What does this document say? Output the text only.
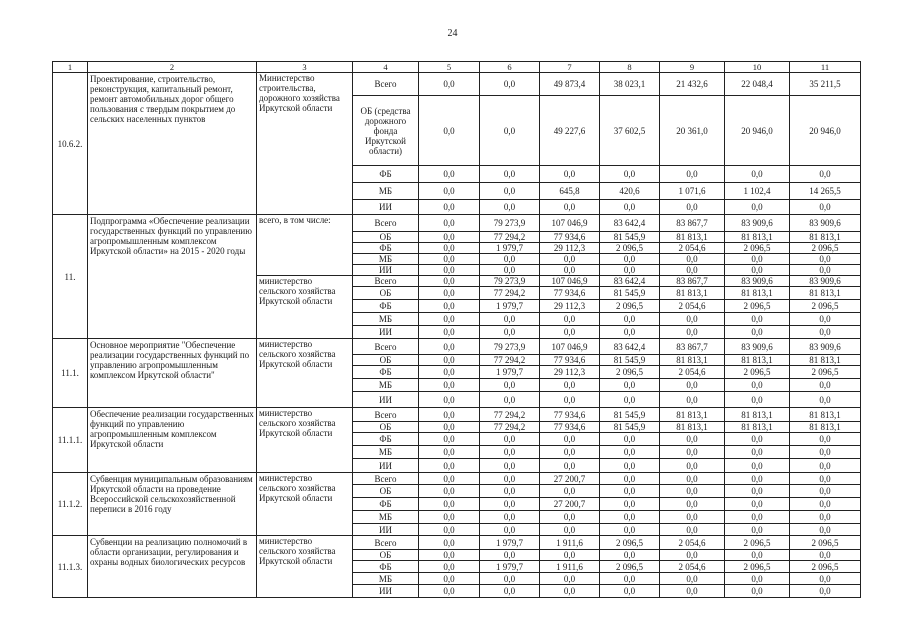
24
1	2	3	4	5	6	7	8	9	10	11
10.6.2.	Проектирование, строительство, реконструкция, капитальный ремонт, ремонт автомобильных дорог общего пользования с твердым покрытием до сельских населенных пунктов	Министерство строительства, дорожного хозяйства Иркутской области	Всего	0,0	0,0	49 873,4	38 023,1	21 432,6	22 048,4	35 211,5
			ОБ (средства дорожного фонда Иркутской области)	0,0	0,0	49 227,6	37 602,5	20 361,0	20 946,0	20 946,0
			ФБ	0,0	0,0	0,0	0,0	0,0	0,0	0,0
			МБ	0,0	0,0	645,8	420,6	1 071,6	1 102,4	14 265,5
			ИИ	0,0	0,0	0,0	0,0	0,0	0,0	0,0
11.	Подпрограмма «Обеспечение реализации государственных функций по управлению агропромышленным комплексом Иркутской области» на 2015 - 2020 годы	всего, в том числе:	Всего	0,0	79 273,9	107 046,9	83 642,4	83 867,7	83 909,6	83 909,6
			ОБ	0,0	77 294,2	77 934,6	81 545,9	81 813,1	81 813,1	81 813,1
			ФБ	0,0	1 979,7	29 112,3	2 096,5	2 054,6	2 096,5	2 096,5
			МБ	0,0	0,0	0,0	0,0	0,0	0,0	0,0
			ИИ	0,0	0,0	0,0	0,0	0,0	0,0	0,0
		министерство сельского хозяйства Иркутской области	Всего	0,0	79 273,9	107 046,9	83 642,4	83 867,7	83 909,6	83 909,6
			ОБ	0,0	77 294,2	77 934,6	81 545,9	81 813,1	81 813,1	81 813,1
			ФБ	0,0	1 979,7	29 112,3	2 096,5	2 054,6	2 096,5	2 096,5
			МБ	0,0	0,0	0,0	0,0	0,0	0,0	0,0
			ИИ	0,0	0,0	0,0	0,0	0,0	0,0	0,0
11.1.	Основное мероприятие "Обеспечение реализации государственных функций по управлению агропромышленным комплексом Иркутской области"	министерство сельского хозяйства Иркутской области	Всего	0,0	79 273,9	107 046,9	83 642,4	83 867,7	83 909,6	83 909,6
			ОБ	0,0	77 294,2	77 934,6	81 545,9	81 813,1	81 813,1	81 813,1
			ФБ	0,0	1 979,7	29 112,3	2 096,5	2 054,6	2 096,5	2 096,5
			МБ	0,0	0,0	0,0	0,0	0,0	0,0	0,0
			ИИ	0,0	0,0	0,0	0,0	0,0	0,0	0,0
11.1.1.	Обеспечение реализации государственных функций по управлению агропромышленным комплексом Иркутской области	министерство сельского хозяйства Иркутской области	Всего	0,0	77 294,2	77 934,6	81 545,9	81 813,1	81 813,1	81 813,1
			ОБ	0,0	77 294,2	77 934,6	81 545,9	81 813,1	81 813,1	81 813,1
			ФБ	0,0	0,0	0,0	0,0	0,0	0,0	0,0
			МБ	0,0	0,0	0,0	0,0	0,0	0,0	0,0
			ИИ	0,0	0,0	0,0	0,0	0,0	0,0	0,0
11.1.2.	Субвенция муниципальным образованиям Иркутской области на проведение Всероссийской сельскохозяйственной переписи в 2016 году	министерство сельского хозяйства Иркутской области	Всего	0,0	0,0	27 200,7	0,0	0,0	0,0	0,0
			ОБ	0,0	0,0	0,0	0,0	0,0	0,0	0,0
			ФБ	0,0	0,0	27 200,7	0,0	0,0	0,0	0,0
			МБ	0,0	0,0	0,0	0,0	0,0	0,0	0,0
			ИИ	0,0	0,0	0,0	0,0	0,0	0,0	0,0
11.1.3.	Субвенции на реализацию полномочий в области организации, регулирования и охраны водных биологических ресурсов	министерство сельского хозяйства Иркутской области	Всего	0,0	1 979,7	1 911,6	2 096,5	2 054,6	2 096,5	2 096,5
			ОБ	0,0	0,0	0,0	0,0	0,0	0,0	0,0
			ФБ	0,0	1 979,7	1 911,6	2 096,5	2 054,6	2 096,5	2 096,5
			МБ	0,0	0,0	0,0	0,0	0,0	0,0	0,0
			ИИ	0,0	0,0	0,0	0,0	0,0	0,0	0,0
